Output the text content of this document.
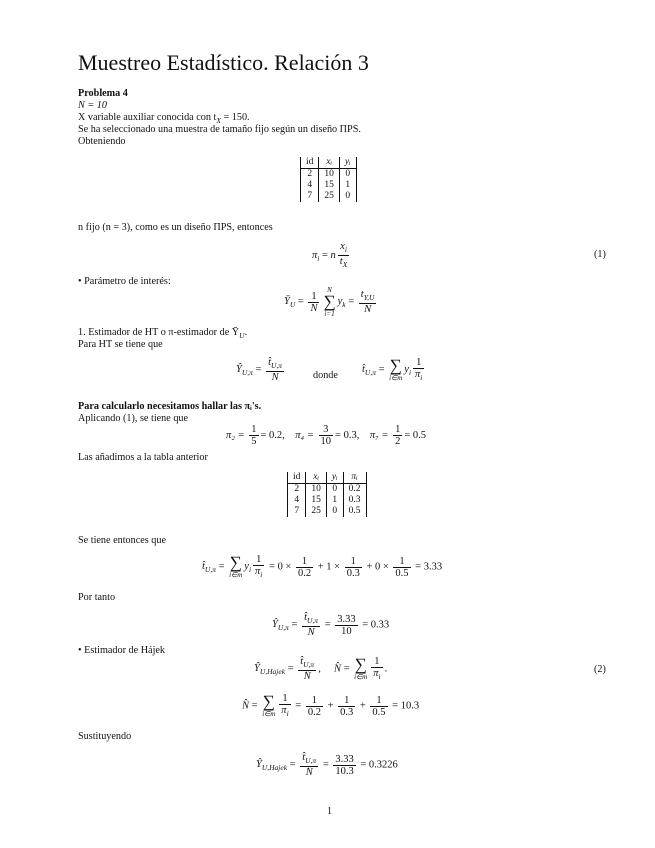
Muestreo Estadístico. Relación 3
Problema 4
N = 10
X variable auxiliar conocida con $t_X = 150$.
Se ha seleccionado una muestra de tamaño fijo según un diseño ΠPS.
Obteniendo
id	xᵢ	yᵢ
2	10	0
4	15	1
7	25	0
n fijo (n = 3), como es un diseño ΠPS, entonces
$\pi_i = n \frac{x_i}{t_X}$	(1)
• Parámetro de interés:
$Ȳ_U = \frac{1}{N}$
N
∑
i=1
$y_k = \frac{t_{Y,U}}{N}$
1. Estimador de HT o π-estimador de $Ȳ_U$.
Para HT se tiene que
$Ŷ_{U,\pi} = \frac{t̂_{U,\pi}}{N}$	donde
$t̂_{U,\pi}$ = ∑
i∈m
$y_i \frac{1}{\pi_i}$
Para calcularlo necesitamos hallar las πᵢ's.
Aplicando (1), se tiene que
$\pi_2 = \frac{1}{5} = 0.2$, $\pi_4 = \frac{3}{10} = 0.3$, $\pi_7 = \frac{1}{2} = 0.5$
Las añadimos a la tabla anterior
id	xᵢ	yᵢ	πᵢ
2	10	0	0.2
4	15	1	0.3
7	25	0	0.5
Se tiene entonces que
$t̂_{U,\pi}$ = ∑
i∈m
$y_i \frac{1}{\pi_i} = 0 \times \frac{1}{0.2} + 1 \times \frac{1}{0.3} + 0 \times \frac{1}{0.5} = 3.33$
Por tanto
$Ŷ_{U,\pi} = \frac{t̂_{U,\pi}}{N} = \frac{3.33}{10} = 0.33$
• Estimador de Hájek
$Ŷ_{U,Hajek} = \frac{t̂_{U,\pi}}{N̂}$ ,     N̂ = ∑
i∈m $\frac{1}{\pi_i}$ .	(2)
N̂ = ∑
i∈m $\frac{1}{\pi_i} = \frac{1}{0.2} + \frac{1}{0.3} + \frac{1}{0.5} = 10.3$
Sustituyendo
$Ŷ_{U,Hajek} = \frac{t̂_{U,\pi}}{N̂} = \frac{3.33}{10.3} = 0.3226$
1
